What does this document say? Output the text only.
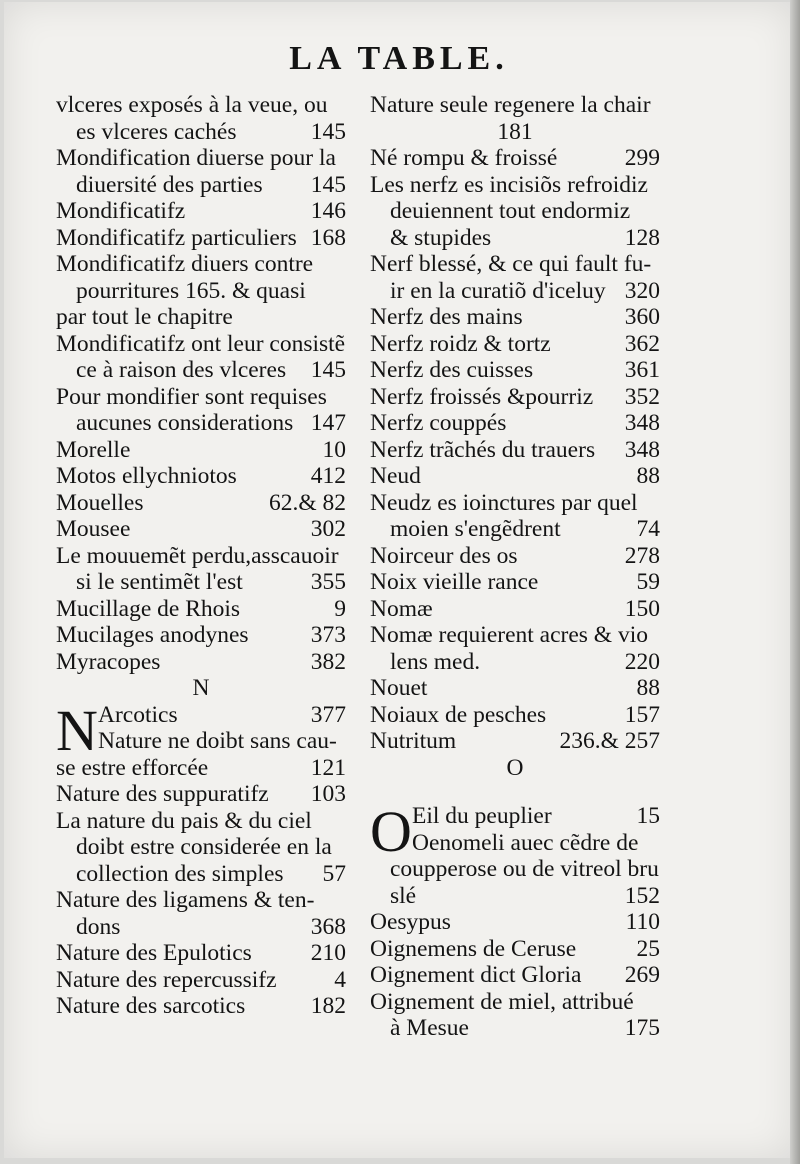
LA TABLE.
vlceres exposés à la veue, ou
es vlceres cachés	145
Mondification diuerse pour la
diuersité des parties 145
Mondificatifz	146
Mondificatifz particuliers 168
Mondificatifz diuers contre
pourritures 165. & quasi
par tout le chapitre
Mondificatifz ont leur consistẽ
ce à raison des vlceres 145
Pour mondifier sont requises
aucunes considerations 147
Morelle	10
Motos ellychniotos	412
Mouelles	62.& 82
Mousee	302
Le mouuemẽt perdu,asscauoir
si le sentimẽt l'est	355
Mucillage de Rhois	9
Mucilages anodynes	373
Myracopes	382
N
N Arcotics	377
Nature ne doibt sans cau-
se estre efforcée	121
Nature des suppuratifz 103
La nature du pais & du ciel
doibt estre considerée en la
collection des simples 57
Nature des ligamens & ten-
dons	368
Nature des Epulotics	210
Nature des repercussifz 4
Nature des sarcotics	182
Nature seule regenere la chair
181
Né rompu & froissé	299
Les nerfz es incisiõs refroidiz
deuiennent tout endormiz
& stupides	128
Nerf blessé, & ce qui fault fu-
ir en la curatiõ d'iceluy 320
Nerfz des mains	360
Nerfz roidz & tortz	362
Nerfz des cuisses	361
Nerfz froissés &pourriz 352
Nerfz couppés	348
Nerfz trãchés du trauers 348
Neud	88
Neudz es ioinctures par quel
moien s'engẽdrent	74
Noirceur des os	278
Noix vieille rance	59
Nomæ	150
Nomæ requierent acres & vio
lens med.	220
Nouet	88
Noiaux de pesches	157
Nutritum	236.& 257
O
O Eil du peuplier	15
Oenomeli auec cẽdre de
coupperose ou de vitreol bru
slé	152
Oesypus	110
Oignemens de Ceruse	25
Oignement dict Gloria 269
Oignement de miel, attribué
à Mesue	175
